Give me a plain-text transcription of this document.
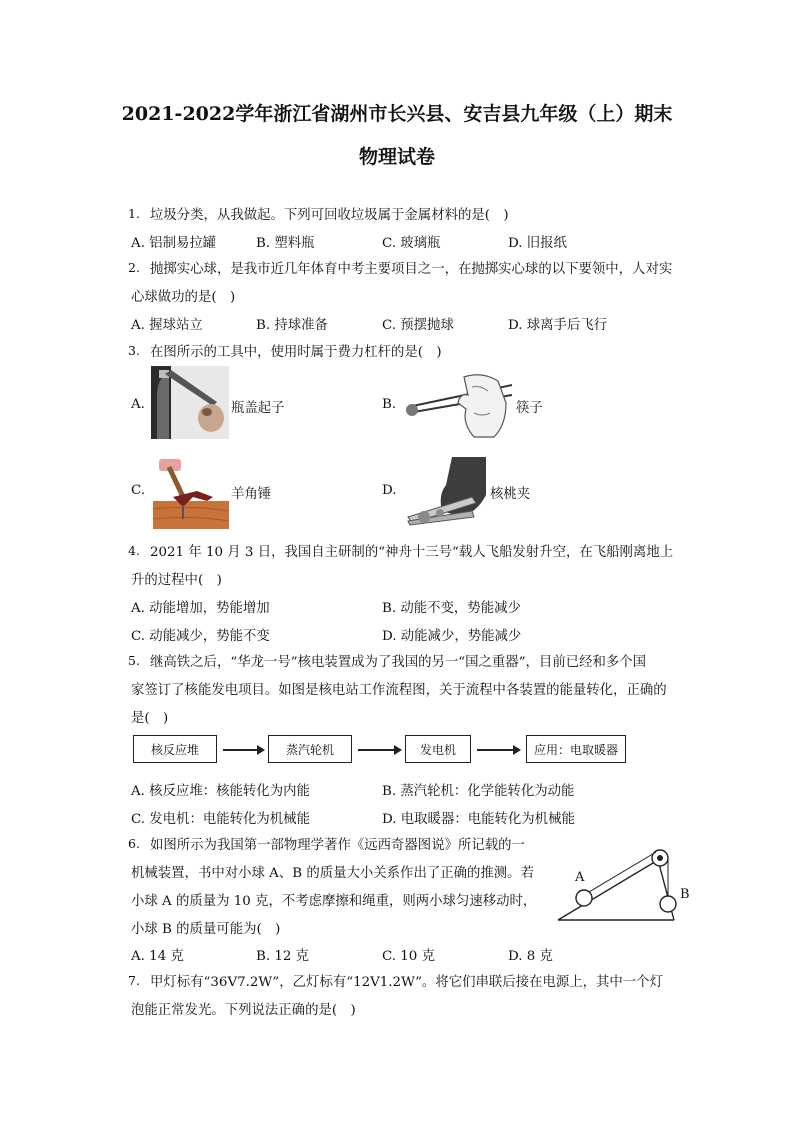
2021-2022学年浙江省湖州市长兴县、安吉县九年级（上）期末
物理试卷
1. 垃圾分类，从我做起。下列可回收垃圾属于金属材料的是(　)
A. 铝制易拉罐	B. 塑料瓶	C. 玻璃瓶	D. 旧报纸
2. 抛掷实心球，是我市近几年体育中考主要项目之一，在抛掷实心球的以下要领中，人对实
心球做功的是(　)
A. 握球站立	B. 持球准备	C. 预摆抛球	D. 球离手后飞行
3. 在图所示的工具中，使用时属于费力杠杆的是(　)
A.	瓶盖起子	B.	筷子
C.	羊角锤	D.	核桃夹
4. 2021 年 10 月 3 日，我国自主研制的“神舟十三号“载人飞船发射升空，在飞船刚离地上
升的过程中(　)
A. 动能增加，势能增加	B. 动能不变，势能减少
C. 动能减少，势能不变	D. 动能减少，势能减少
5. 继高铁之后，“华龙一号”核电装置成为了我国的另一“国之重器”，目前已经和多个国
家签订了核能发电项目。如图是核电站工作流程图，关于流程中各装置的能量转化，正确的
是(　)
核反应堆	蒸汽轮机	发电机	应用：电取暖器
A. 核反应堆：核能转化为内能	B. 蒸汽轮机：化学能转化为动能
C. 发电机：电能转化为机械能	D. 电取暖器：电能转化为机械能
6. 如图所示为我国第一部物理学著作《远西奇器图说》所记载的一
机械装置，书中对小球 A、B 的质量大小关系作出了正确的推测。若
小球 A 的质量为 10 克，不考虑摩擦和绳重，则两小球匀速移动时，
小球 B 的质量可能为(　)
A
B
A. 14 克	B. 12 克	C. 10 克	D. 8 克
7. 甲灯标有“36V7.2W”，乙灯标有“12V1.2W”。将它们串联后接在电源上，其中一个灯
泡能正常发光。下列说法正确的是(　)
